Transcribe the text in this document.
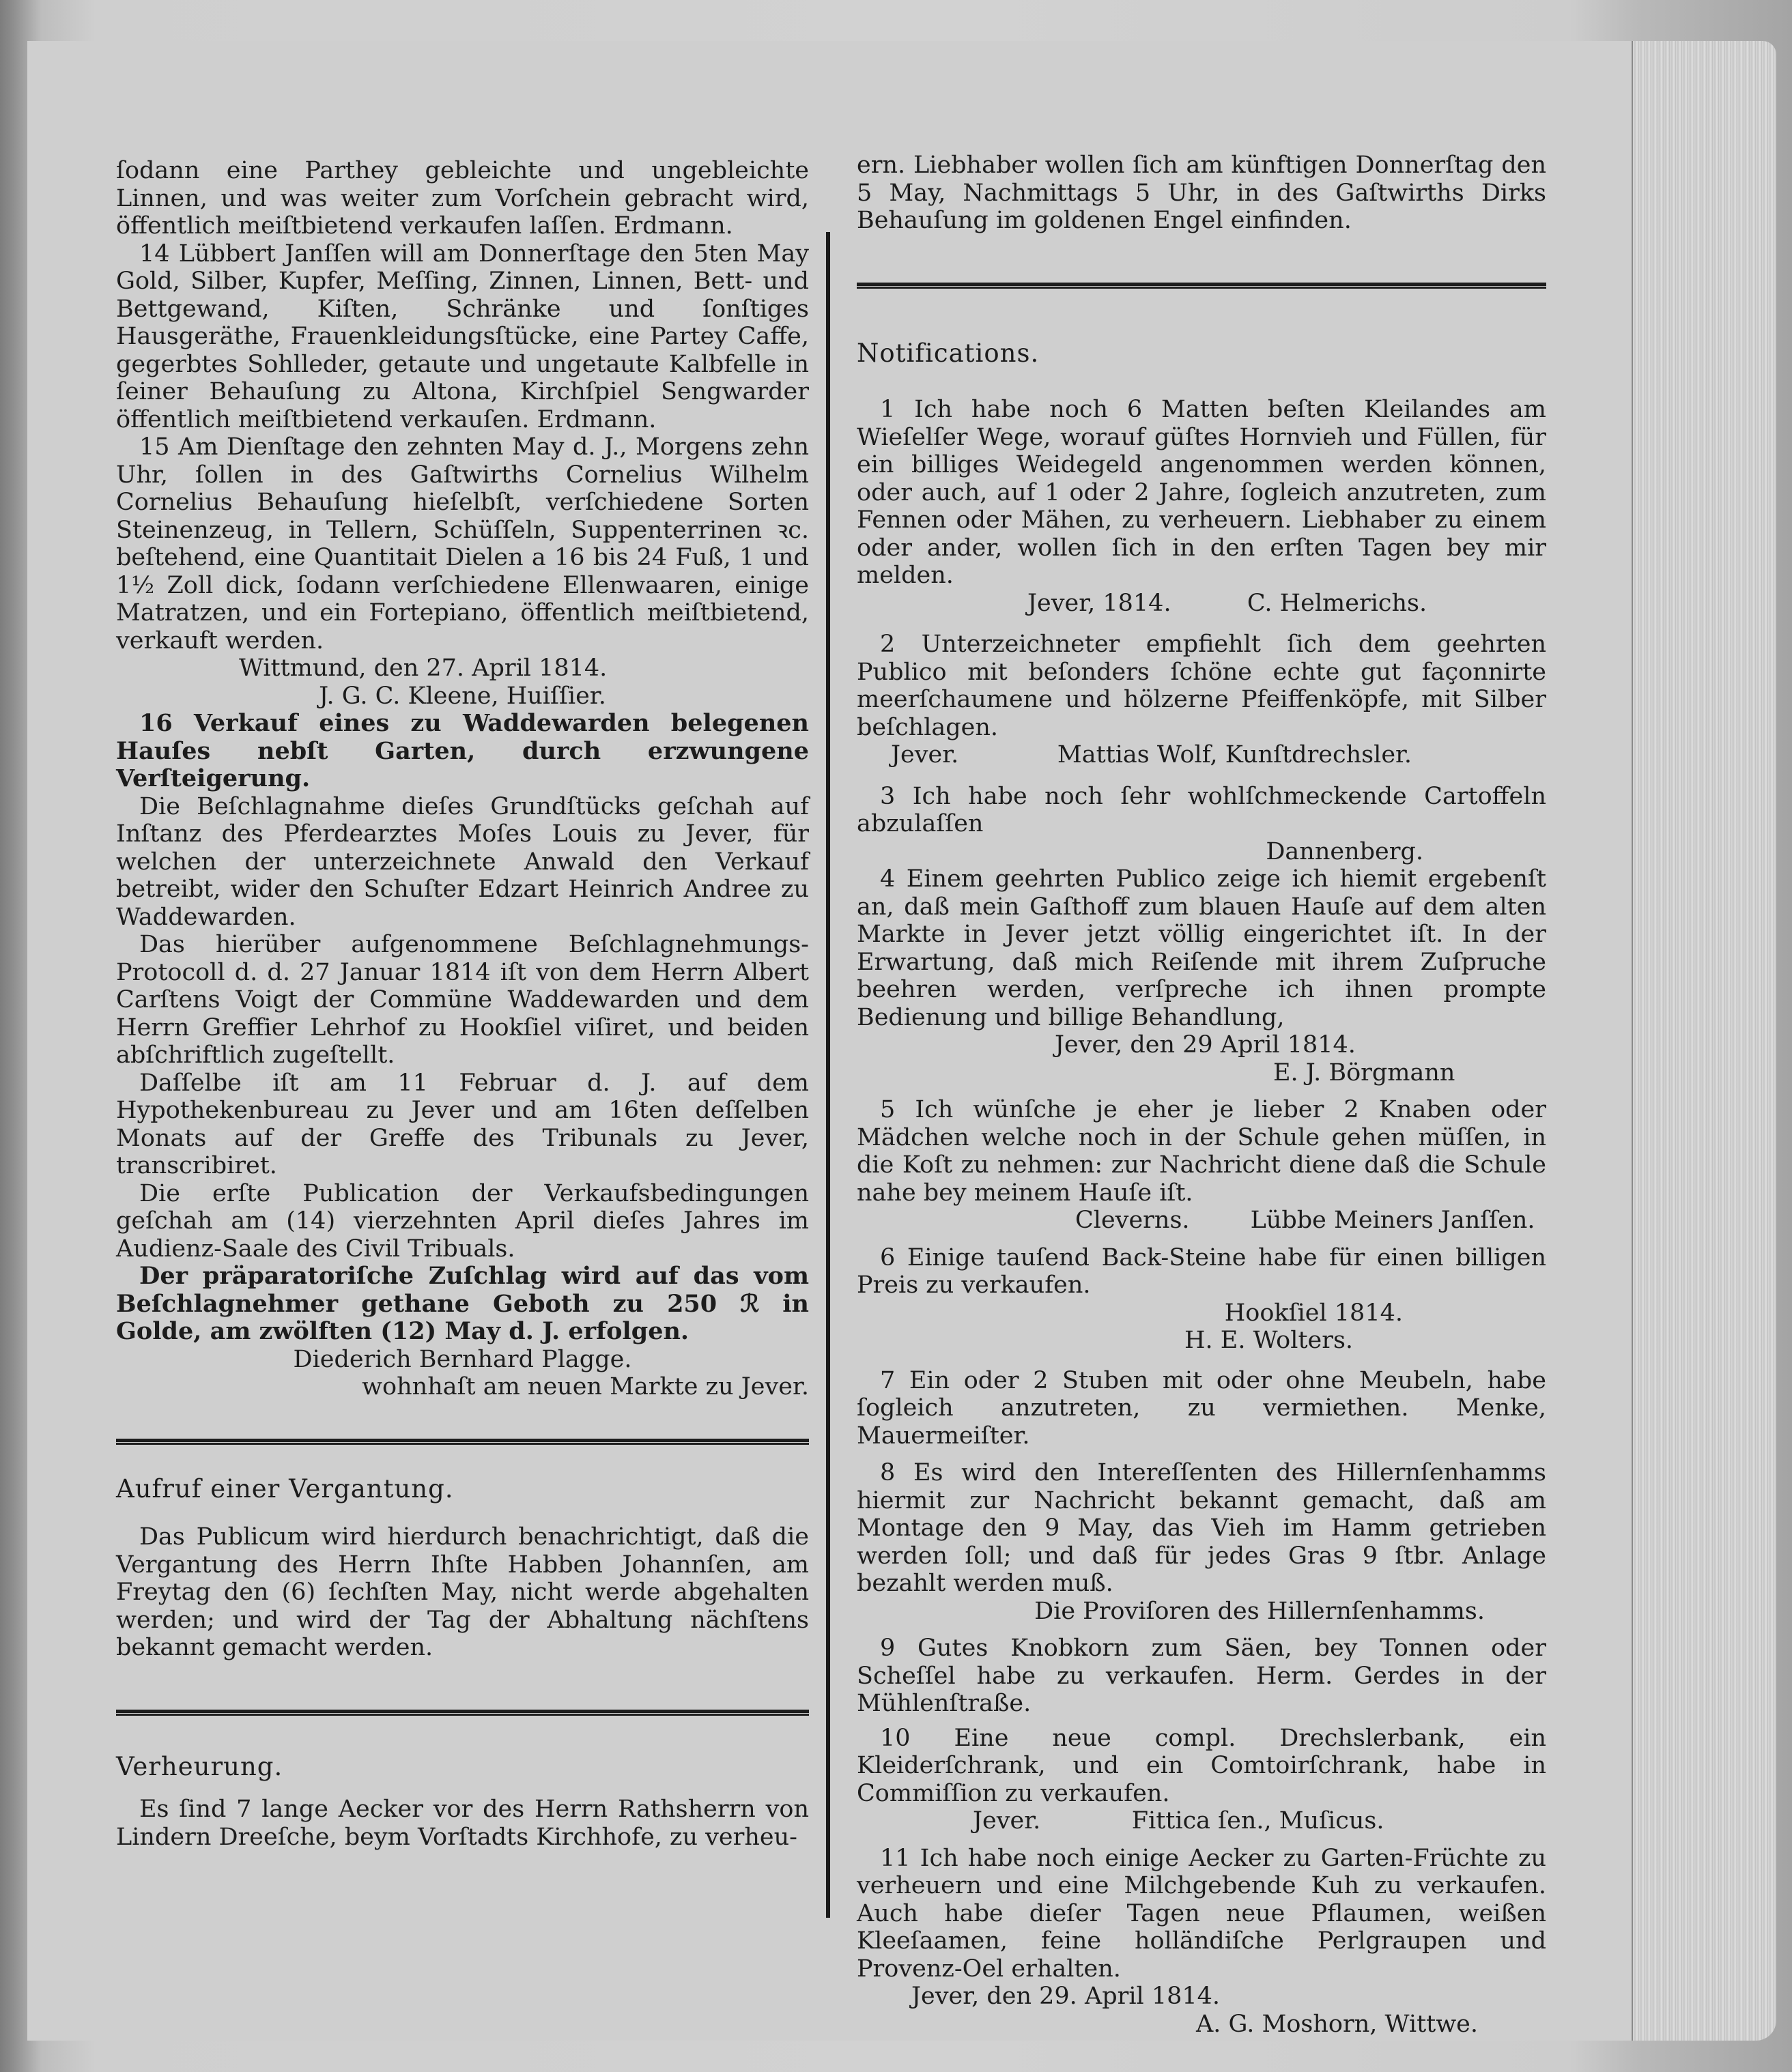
ſodann eine Parthey gebleichte und ungebleichte Linnen, und was weiter zum Vorſchein gebracht wird, öffentlich meiſtbietend verkaufen laſſen. Erdmann.

14 Lübbert Janſſen will am Donnerſtage den 5ten May Gold, Silber, Kupfer, Meſſing, Zinnen, Linnen, Bett- und Bettgewand, Kiſten, Schränke und ſonſtiges Hausgeräthe, Frauenkleidungsſtücke, eine Partey Caffe, gegerbtes Sohlleder, getaute und ungetaute Kalbfelle in ſeiner Behauſung zu Altona, Kirchſpiel Sengwarder öffentlich meiſtbietend verkauſen. Erdmann.

15 Am Dienſtage den zehnten May d. J., Morgens zehn Uhr, ſollen in des Gaſtwirths Cornelius Wilhelm Cornelius Behauſung hieſelbſt, verſchiedene Sorten Steinenzeug, in Tellern, Schüſſeln, Suppenterrinen ꝛc. beſtehend, eine Quantitait Dielen a 16 bis 24 Fuß, 1 und 1½ Zoll dick, ſodann verſchiedene Ellenwaaren, einige Matratzen, und ein Fortepiano, öffentlich meiſtbietend, verkauft werden.

Wittmund, den 27. April 1814.

J. G. C. Kleene, Huiſſier.

16 Verkauf eines zu Waddewarden belegenen Hauſes nebſt Garten, durch erzwungene Verſteigerung.

Die Beſchlagnahme dieſes Grundſtücks geſchah auf Inſtanz des Pferdearztes Moſes Louis zu Jever, für welchen der unterzeichnete Anwald den Verkauf betreibt, wider den Schuſter Edzart Heinrich Andree zu Waddewarden.

Das hierüber aufgenommene Beſchlagnehmungs-Protocoll d. d. 27 Januar 1814 iſt von dem Herrn Albert Carſtens Voigt der Commüne Waddewarden und dem Herrn Greffier Lehrhof zu Hookſiel viſiret, und beiden abſchriftlich zugeſtellt.

Daſſelbe iſt am 11 Februar d. J. auf dem Hypothekenbureau zu Jever und am 16ten deſſelben Monats auf der Greffe des Tribunals zu Jever, transcribiret.

Die erſte Publication der Verkaufsbedingungen geſchah am (14) vierzehnten April dieſes Jahres im Audienz-Saale des Civil Tribuals.

Der präparatoriſche Zuſchlag wird auf das vom Beſchlagnehmer gethane Geboth zu 250 ℛ in Golde, am zwölften (12) May d. J. erfolgen.

Diederich Bernhard Plagge.

wohnhaſt am neuen Markte zu Jever.

Aufruf einer Vergantung.

Das Publicum wird hierdurch benachrichtigt, daß die Vergantung des Herrn Ihſte Habben Johannſen, am Freytag den (6) ſechſten May, nicht werde abgehalten werden; und wird der Tag der Abhaltung nächſtens bekannt gemacht werden.

Verheurung.

Es ſind 7 lange Aecker vor des Herrn Rathsherrn von Lindern Dreeſche, beym Vorſtadts Kirchhofe, zu verheu-

ern. Liebhaber wollen ſich am künftigen Donnerſtag den 5 May, Nachmittags 5 Uhr, in des Gaſtwirths Dirks Behauſung im goldenen Engel einfinden.

Notifications.

1 Ich habe noch 6 Matten beſten Kleilandes am Wieſelſer Wege, worauf güſtes Hornvieh und Füllen, für ein billiges Weidegeld angenommen werden können, oder auch, auf 1 oder 2 Jahre, ſogleich anzutreten, zum Fennen oder Mähen, zu verheuern. Liebhaber zu einem oder ander, wollen ſich in den erſten Tagen bey mir melden.

Jever, 1814.	C. Helmerichs.

2 Unterzeichneter empfiehlt ſich dem geehrten Publico mit beſonders ſchöne echte gut façonnirte meerſchaumene und hölzerne Pfeiffenköpfe, mit Silber beſchlagen.

Jever.	Mattias Wolf, Kunſtdrechsler.

3 Ich habe noch ſehr wohlſchmeckende Cartoffeln abzulaſſen

Dannenberg.

4 Einem geehrten Publico zeige ich hiemit ergebenſt an, daß mein Gaſthoff zum blauen Hauſe auf dem alten Markte in Jever jetzt völlig eingerichtet iſt. In der Erwartung, daß mich Reiſende mit ihrem Zuſpruche beehren werden, verſpreche ich ihnen prompte Bedienung und billige Behandlung,

Jever, den 29 April 1814.

E. J. Börgmann

5 Ich wünſche je eher je lieber 2 Knaben oder Mädchen welche noch in der Schule gehen müſſen, in die Koſt zu nehmen: zur Nachricht diene daß die Schule nahe bey meinem Hauſe iſt.

Cleverns.	Lübbe Meiners Janſſen.

6 Einige tauſend Back-Steine habe für einen billigen Preis zu verkaufen.

Hookſiel 1814.

H. E. Wolters.

7 Ein oder 2 Stuben mit oder ohne Meubeln, habe ſogleich anzutreten, zu vermiethen. Menke, Mauermeiſter.

8 Es wird den Intereſſenten des Hillernſenhamms hiermit zur Nachricht bekannt gemacht, daß am Montage den 9 May, das Vieh im Hamm getrieben werden ſoll; und daß für jedes Gras 9 ſtbr. Anlage bezahlt werden muß.

Die Proviſoren des Hillernſenhamms.

9 Gutes Knobkorn zum Säen, bey Tonnen oder Scheſſel habe zu verkaufen. Herm. Gerdes in der Mühlenſtraße.

10 Eine neue compl. Drechslerbank, ein Kleiderſchrank, und ein Comtoirſchrank, habe in Commiſſion zu verkaufen.

Jever.	Fittica ſen., Muſicus.

11 Ich habe noch einige Aecker zu Garten-Früchte zu verheuern und eine Milchgebende Kuh zu verkaufen. Auch habe dieſer Tagen neue Pflaumen, weißen Kleeſaamen, feine holländiſche Perlgraupen und Provenz-Oel erhalten.

Jever, den 29. April 1814.

A. G. Moshorn, Wittwe.
